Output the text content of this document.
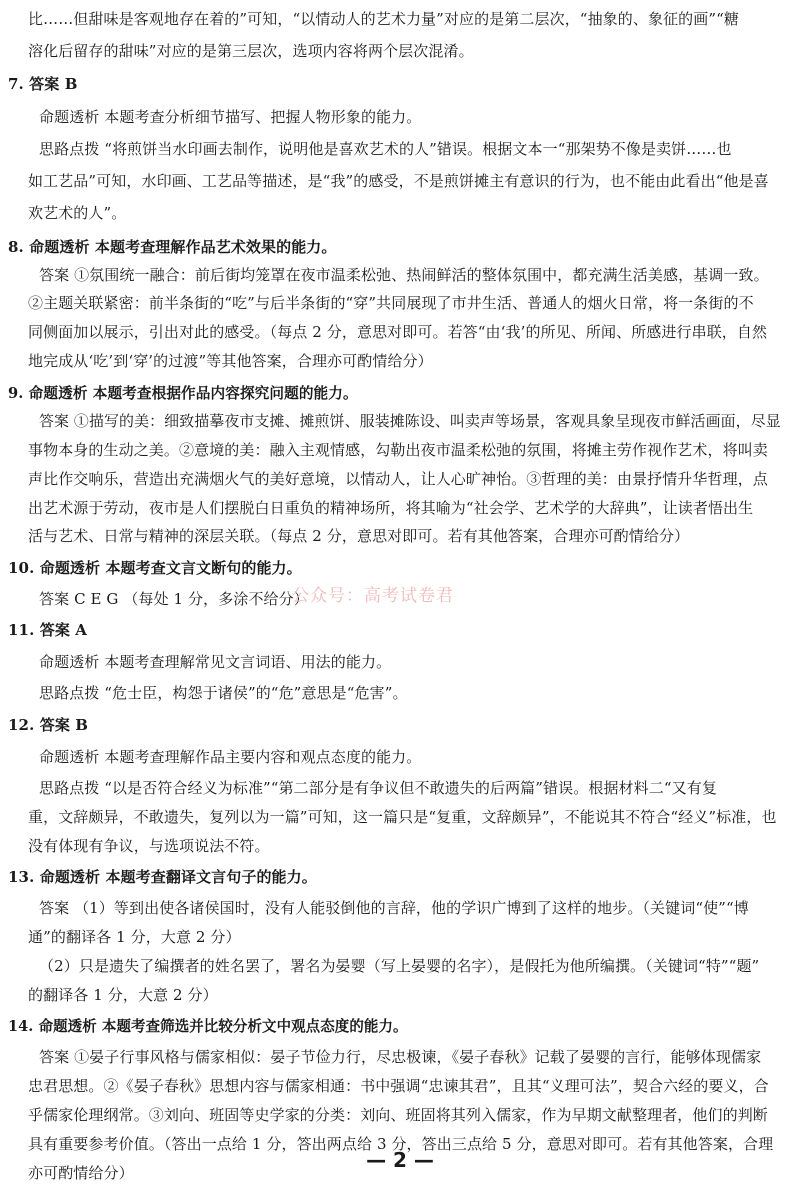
比……但甜味是客观地存在着的”可知，“以情动人的艺术力量”对应的是第二层次，“抽象的、象征的画”“糖
溶化后留存的甜味”对应的是第三层次，选项内容将两个层次混淆。
7. 答案 B
命题透析 本题考查分析细节描写、把握人物形象的能力。
思路点拨 “将煎饼当水印画去制作，说明他是喜欢艺术的人”错误。根据文本一“那架势不像是卖饼……也
如工艺品”可知，水印画、工艺品等描述，是“我”的感受，不是煎饼摊主有意识的行为，也不能由此看出“他是喜
欢艺术的人”。
8. 命题透析 本题考查理解作品艺术效果的能力。
答案 ①氛围统一融合：前后街均笼罩在夜市温柔松弛、热闹鲜活的整体氛围中，都充满生活美感，基调一致。
②主题关联紧密：前半条街的“吃”与后半条街的“穿”共同展现了市井生活、普通人的烟火日常，将一条街的不
同侧面加以展示，引出对此的感受。（每点 2 分，意思对即可。若答“由‘我’的所见、所闻、所感进行串联，自然
地完成从‘吃’到‘穿’的过渡”等其他答案，合理亦可酌情给分）
9. 命题透析 本题考查根据作品内容探究问题的能力。
答案 ①描写的美：细致描摹夜市支摊、摊煎饼、服装摊陈设、叫卖声等场景，客观具象呈现夜市鲜活画面，尽显
事物本身的生动之美。②意境的美：融入主观情感，勾勒出夜市温柔松弛的氛围，将摊主劳作视作艺术，将叫卖
声比作交响乐，营造出充满烟火气的美好意境，以情动人，让人心旷神怡。③哲理的美：由景抒情升华哲理，点
出艺术源于劳动，夜市是人们摆脱白日重负的精神场所，将其喻为“社会学、艺术学的大辞典”，让读者悟出生
活与艺术、日常与精神的深层关联。（每点 2 分，意思对即可。若有其他答案，合理亦可酌情给分）
10. 命题透析 本题考查文言文断句的能力。
答案 C E G （每处 1 分，多涂不给分）
11. 答案 A
命题透析 本题考查理解常见文言词语、用法的能力。
思路点拨 “危士臣，构怨于诸侯”的“危”意思是“危害”。
12. 答案 B
命题透析 本题考查理解作品主要内容和观点态度的能力。
思路点拨 “以是否符合经义为标准”“第二部分是有争议但不敢遗失的后两篇”错误。根据材料二“又有复
重，文辞颇异，不敢遗失，复列以为一篇”可知，这一篇只是“复重，文辞颇异”，不能说其不符合“经义”标准，也
没有体现有争议，与选项说法不符。
13. 命题透析 本题考查翻译文言句子的能力。
答案 （1）等到出使各诸侯国时，没有人能驳倒他的言辞，他的学识广博到了这样的地步。（关键词“使”“博
通”的翻译各 1 分，大意 2 分）
（2）只是遗失了编撰者的姓名罢了，署名为晏婴（写上晏婴的名字），是假托为他所编撰。（关键词“特”“题”
的翻译各 1 分，大意 2 分）
14. 命题透析 本题考查筛选并比较分析文中观点态度的能力。
答案 ①晏子行事风格与儒家相似：晏子节俭力行，尽忠极谏，《晏子春秋》记载了晏婴的言行，能够体现儒家
忠君思想。②《晏子春秋》思想内容与儒家相通：书中强调“忠谏其君”，且其“义理可法”，契合六经的要义，合
乎儒家伦理纲常。③刘向、班固等史学家的分类：刘向、班固将其列入儒家，作为早期文献整理者，他们的判断
具有重要参考价值。（答出一点给 1 分，答出两点给 3 分，答出三点给 5 分，意思对即可。若有其他答案，合理
亦可酌情给分）
公众号：高考试卷君
— 2 —
